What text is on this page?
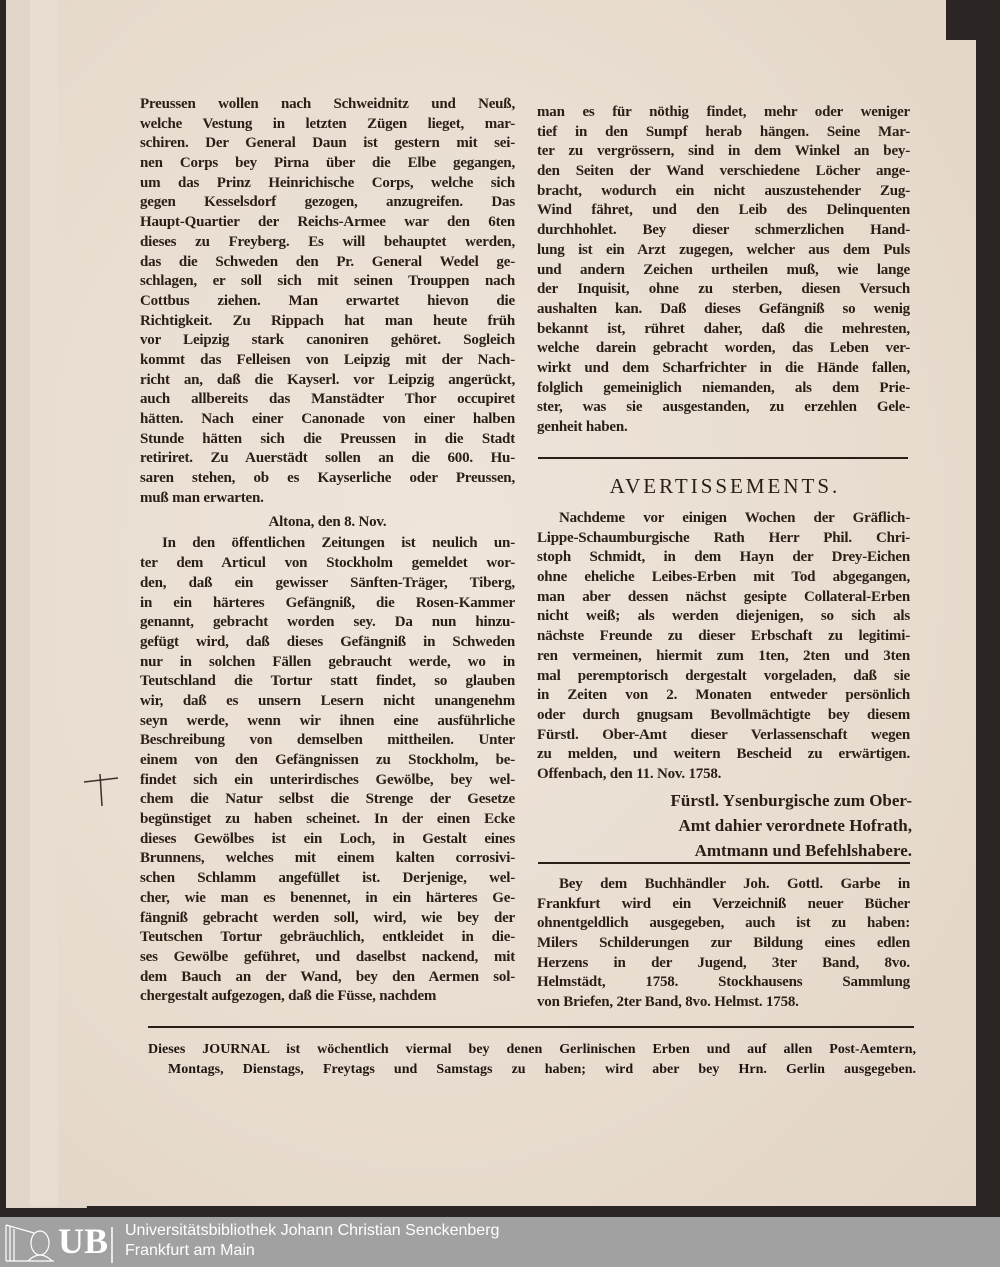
Preussen wollen nach Schweidnitz und Neuß,
welche Vestung in letzten Zügen lieget, mar-
schiren. Der General Daun ist gestern mit sei-
nen Corps bey Pirna über die Elbe gegangen,
um das Prinz Heinrichische Corps, welche sich
gegen Kesselsdorf gezogen, anzugreifen. Das
Haupt-Quartier der Reichs-Armee war den 6ten
dieses zu Freyberg. Es will behauptet werden,
das die Schweden den Pr. General Wedel ge-
schlagen, er soll sich mit seinen Trouppen nach
Cottbus ziehen. Man erwartet hievon die
Richtigkeit. Zu Rippach hat man heute früh
vor Leipzig stark canoniren gehöret. Sogleich
kommt das Felleisen von Leipzig mit der Nach-
richt an, daß die Kayserl. vor Leipzig angerückt,
auch allbereits das Manstädter Thor occupiret
hätten. Nach einer Canonade von einer halben
Stunde hätten sich die Preussen in die Stadt
retiriret. Zu Auerstädt sollen an die 600. Hu-
saren stehen, ob es Kayserliche oder Preussen,
muß man erwarten.
Altona, den 8. Nov.
In den öffentlichen Zeitungen ist neulich un-
ter dem Articul von Stockholm gemeldet wor-
den, daß ein gewisser Sänften-Träger, Tiberg,
in ein härteres Gefängniß, die Rosen-Kammer
genannt, gebracht worden sey. Da nun hinzu-
gefügt wird, daß dieses Gefängniß in Schweden
nur in solchen Fällen gebraucht werde, wo in
Teutschland die Tortur statt findet, so glauben
wir, daß es unsern Lesern nicht unangenehm
seyn werde, wenn wir ihnen eine ausführliche
Beschreibung von demselben mittheilen. Unter
einem von den Gefängnissen zu Stockholm, be-
findet sich ein unterirdisches Gewölbe, bey wel-
chem die Natur selbst die Strenge der Gesetze
begünstiget zu haben scheinet. In der einen Ecke
dieses Gewölbes ist ein Loch, in Gestalt eines
Brunnens, welches mit einem kalten corrosivi-
schen Schlamm angefüllet ist. Derjenige, wel-
cher, wie man es benennet, in ein härteres Ge-
fängniß gebracht werden soll, wird, wie bey der
Teutschen Tortur gebräuchlich, entkleidet in die-
ses Gewölbe geführet, und daselbst nackend, mit
dem Bauch an der Wand, bey den Aermen sol-
chergestalt aufgezogen, daß die Füsse, nachdem
man es für nöthig findet, mehr oder weniger
tief in den Sumpf herab hängen. Seine Mar-
ter zu vergrössern, sind in dem Winkel an bey-
den Seiten der Wand verschiedene Löcher ange-
bracht, wodurch ein nicht auszustehender Zug-
Wind fähret, und den Leib des Delinquenten
durchhohlet. Bey dieser schmerzlichen Hand-
lung ist ein Arzt zugegen, welcher aus dem Puls
und andern Zeichen urtheilen muß, wie lange
der Inquisit, ohne zu sterben, diesen Versuch
aushalten kan. Daß dieses Gefängniß so wenig
bekannt ist, rühret daher, daß die mehresten,
welche darein gebracht worden, das Leben ver-
wirkt und dem Scharfrichter in die Hände fallen,
folglich gemeiniglich niemanden, als dem Prie-
ster, was sie ausgestanden, zu erzehlen Gele-
genheit haben.
AVERTISSEMENTS.
Nachdeme vor einigen Wochen der Gräflich-
Lippe-Schaumburgische Rath Herr Phil. Chri-
stoph Schmidt, in dem Hayn der Drey-Eichen
ohne eheliche Leibes-Erben mit Tod abgegangen,
man aber dessen nächst gesipte Collateral-Erben
nicht weiß; als werden diejenigen, so sich als
nächste Freunde zu dieser Erbschaft zu legitimi-
ren vermeinen, hiermit zum 1ten, 2ten und 3ten
mal peremptorisch dergestalt vorgeladen, daß sie
in Zeiten von 2. Monaten entweder persönlich
oder durch gnugsam Bevollmächtigte bey diesem
Fürstl. Ober-Amt dieser Verlassenschaft wegen
zu melden, und weitern Bescheid zu erwärtigen.
Offenbach, den 11. Nov. 1758.
Fürstl. Ysenburgische zum Ober-
Amt dahier verordnete Hofrath,
Amtmann und Befehlshabere.
Bey dem Buchhändler Joh. Gottl. Garbe in
Frankfurt wird ein Verzeichniß neuer Bücher
ohnentgeldlich ausgegeben, auch ist zu haben:
Milers Schilderungen zur Bildung eines edlen
Herzens in der Jugend, 3ter Band, 8vo.
Helmstädt, 1758. Stockhausens Sammlung
von Briefen, 2ter Band, 8vo. Helmst. 1758.
Dieses JOURNAL ist wöchentlich viermal bey denen Gerlinischen Erben und auf allen Post-Aemtern,
Montags, Dienstags, Freytags und Samstags zu haben; wird aber bey Hrn. Gerlin ausgegeben.
UB Universitätsbibliothek Johann Christian Senckenberg
Frankfurt am Main
